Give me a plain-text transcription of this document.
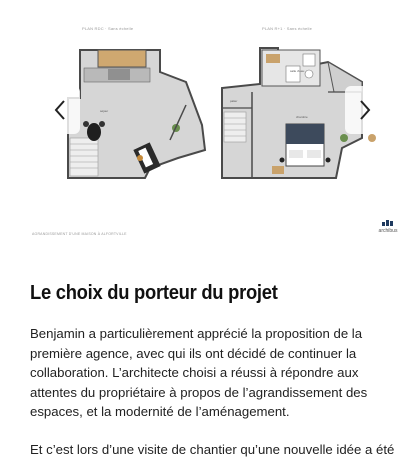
séjour
salle d'eau
chambre
palier
PLAN RDC · Sans échelle	PLAN R+1 · Sans échelle
AGRANDISSEMENT D'UNE MAISON À ALFORTVILLE	archibus
Le choix du porteur du projet

Benjamin a particulièrement apprécié la proposition de la première agence, avec qui ils ont décidé de continuer la collaboration. L’architecte choisi a réussi à répondre aux attentes du propriétaire à propos de l’agrandissement des espaces, et la modernité de l’aménagement.

Et c’est lors d’une visite de chantier qu’une nouvelle idée a été
